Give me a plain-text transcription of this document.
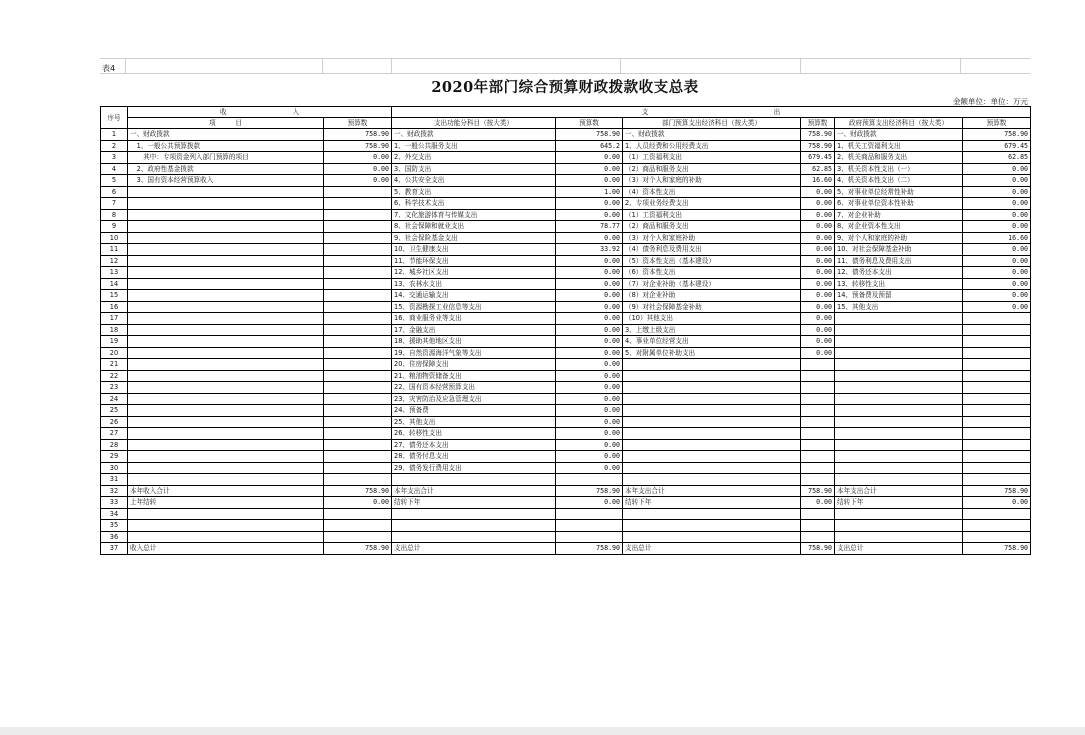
表4
2020年部门综合预算财政拨款收支总表
金额单位：单位：万元
序号	收　　　　　　　　　　入		支　　　　　　　　　　　　　　　　　　　出					
	项　　　目	预算数	支出功能分科目（按大类）	预算数	部门预算支出经济科目（按大类）	预算数	政府预算支出经济科目（按大类）	预算数
1	一、财政拨款	758.90	一、财政拨款	758.90	一、财政拨款	758.90	一、财政拨款	758.90
2	　1、一般公共预算拨款	758.90	1、一般公共服务支出	645.2	1、人员经费和公用经费支出	758.90	1、机关工资福利支出	679.45
3	　　其中：专项资金列入部门预算的项目	0.00	2、外交支出	0.00	（1）工资福利支出	679.45	2、机关商品和服务支出	62.85
4	　2、政府性基金拨款	0.00	3、国防支出	0.00	（2）商品和服务支出	62.85	3、机关资本性支出（一）	0.00
5	　3、国有资本经营预算收入	0.00	4、公共安全支出	0.00	（3）对个人和家庭的补助	16.60	4、机关资本性支出（二）	0.00
6			5、教育支出	1.00	（4）资本性支出	0.00	5、对事业单位经常性补助	0.00
7			6、科学技术支出	0.00	2、专项业务经费支出	0.00	6、对事业单位资本性补助	0.00
8			7、文化旅游体育与传媒支出	0.00	（1）工资福利支出	0.00	7、对企业补助	0.00
9			8、社会保障和就业支出	78.77	（2）商品和服务支出	0.00	8、对企业资本性支出	0.00
10			9、社会保险基金支出	0.00	（3）对个人和家庭补助	0.00	9、对个人和家庭的补助	16.60
11			10、卫生健康支出	33.92	（4）债务利息及费用支出	0.00	10、对社会保障基金补助	0.00
12			11、节能环保支出	0.00	（5）资本性支出（基本建设）	0.00	11、债务利息及费用支出	0.00
13			12、城乡社区支出	0.00	（6）资本性支出	0.00	12、债务还本支出	0.00
14			13、农林水支出	0.00	（7）对企业补助（基本建设）	0.00	13、转移性支出	0.00
15			14、交通运输支出	0.00	（8）对企业补助	0.00	14、预备费及预留	0.00
16			15、资源勘探工业信息等支出	0.00	（9）对社会保障基金补助	0.00	15、其他支出	0.00
17			16、商业服务业等支出	0.00	（10）其他支出	0.00		
18			17、金融支出	0.00	3、上缴上级支出	0.00		
19			18、援助其他地区支出	0.00	4、事业单位经营支出	0.00		
20			19、自然资源海洋气象等支出	0.00	5、对附属单位补助支出	0.00		
21			20、住房保障支出	0.00				
22			21、粮油物资储备支出	0.00				
23			22、国有资本经营预算支出	0.00				
24			23、灾害防治及应急管理支出	0.00				
25			24、预备费	0.00				
26			25、其他支出	0.00				
27			26、转移性支出	0.00				
28			27、债务还本支出	0.00				
29			28、债务付息支出	0.00				
30			29、债务发行费用支出	0.00				
31								
32	本年收入合计	758.90	本年支出合计	758.90	本年支出合计	758.90	本年支出合计	758.90
33	上年结转	0.00	结转下年	0.00	结转下年	0.00	结转下年	0.00
34								
35								
36								
37	收入总计	758.90	支出总计	758.90	支出总计	758.90	支出总计	758.90
